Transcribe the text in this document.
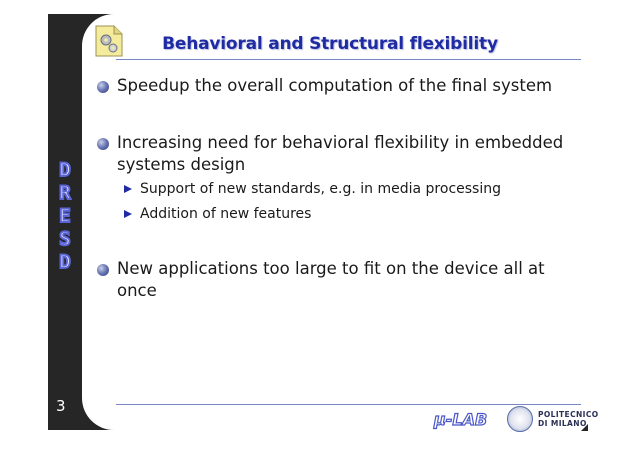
Behavioral and Structural flexibility
D
R
E
S
D
Speedup the overall computation of the final system
Increasing need for behavioral flexibility in embedded
systems design
Support of new standards, e.g. in media processing
Addition of new features
New applications too large to fit on the device all at
once
3
μ-LAB	POLITECNICO
DI MILANO
